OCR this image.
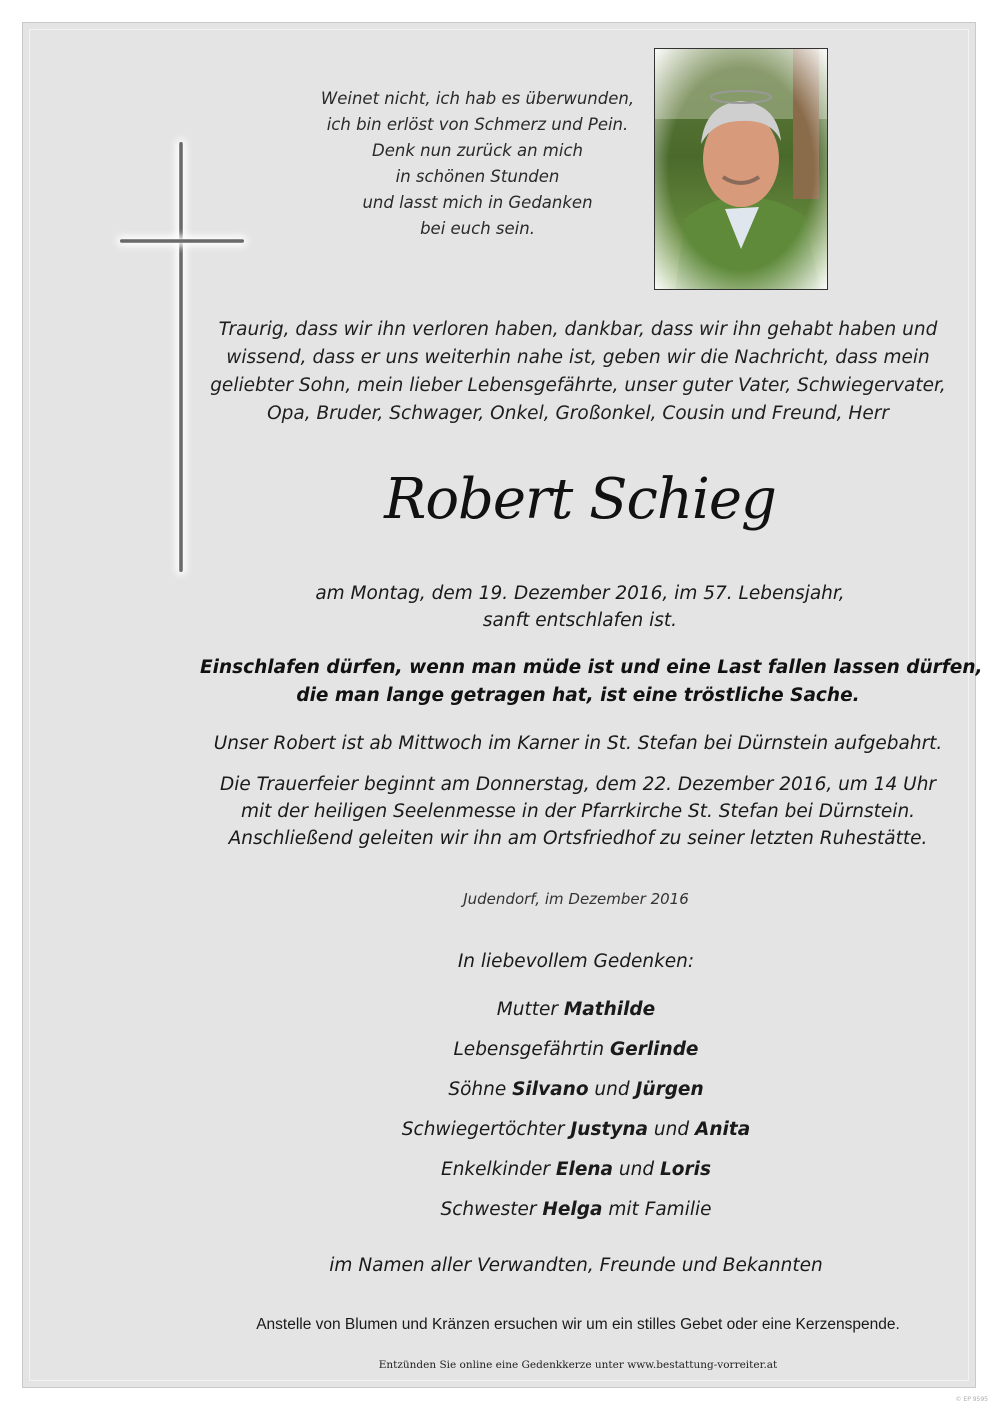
Weinet nicht, ich hab es überwunden,
ich bin erlöst von Schmerz und Pein.
Denk nun zurück an mich
in schönen Stunden
und lasst mich in Gedanken
bei euch sein.
Traurig, dass wir ihn verloren haben, dankbar, dass wir ihn gehabt haben und
wissend, dass er uns weiterhin nahe ist, geben wir die Nachricht, dass mein
geliebter Sohn, mein lieber Lebensgefährte, unser guter Vater, Schwiegervater,
Opa, Bruder, Schwager, Onkel, Großonkel, Cousin und Freund, Herr
Robert Schieg
am Montag, dem 19. Dezember 2016, im 57. Lebensjahr,
sanft entschlafen ist.
Einschlafen dürfen, wenn man müde ist und eine Last fallen lassen dürfen,
die man lange getragen hat, ist eine tröstliche Sache.
Unser Robert ist ab Mittwoch im Karner in St. Stefan bei Dürnstein aufgebahrt.
Die Trauerfeier beginnt am Donnerstag, dem 22. Dezember 2016, um 14 Uhr
mit der heiligen Seelenmesse in der Pfarrkirche St. Stefan bei Dürnstein.
Anschließend geleiten wir ihn am Ortsfriedhof zu seiner letzten Ruhestätte.
Judendorf, im Dezember 2016
In liebevollem Gedenken:
Mutter Mathilde
Lebensgefährtin Gerlinde
Söhne Silvano und Jürgen
Schwiegertöchter Justyna und Anita
Enkelkinder Elena und Loris
Schwester Helga mit Familie
im Namen aller Verwandten, Freunde und Bekannten
Anstelle von Blumen und Kränzen ersuchen wir um ein stilles Gebet oder eine Kerzenspende.
Entzünden Sie online eine Gedenkkerze unter www.bestattung-vorreiter.at
© EP 9595
